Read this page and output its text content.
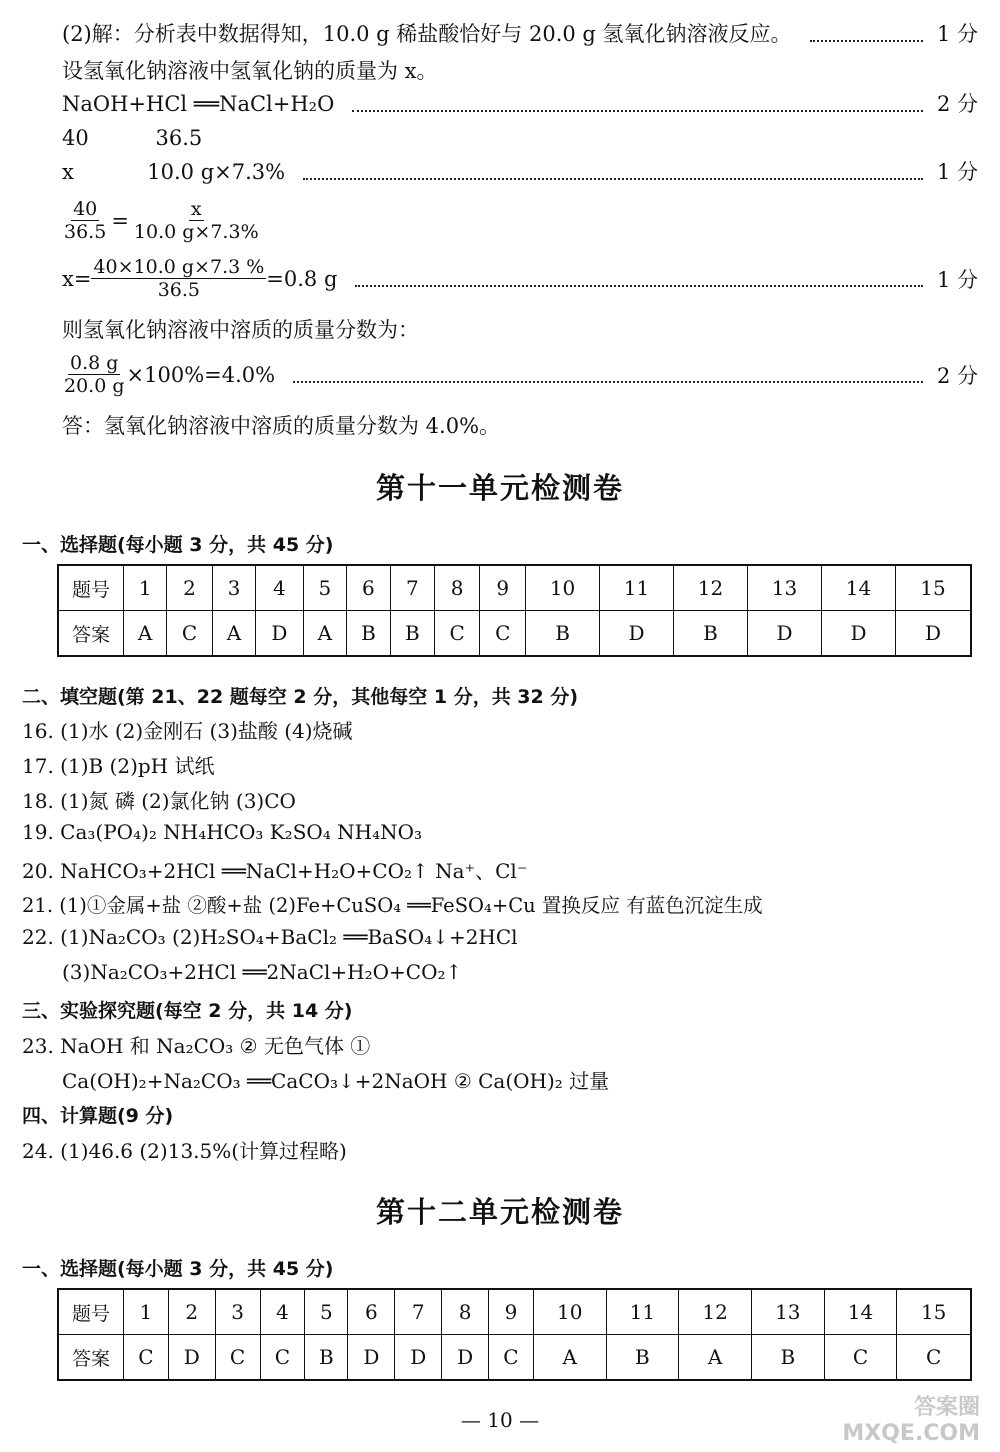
(2)解：分析表中数据得知，10.0 g 稀盐酸恰好与 20.0 g 氢氧化钠溶液反应。	1 分
设氢氧化钠溶液中氢氧化钠的质量为 x。
NaOH+HCl ══NaCl+H₂O	2 分
40          36.5
x           10.0 g×7.3%	1 分
$\frac{40}{36.5} = \frac{x}{10.0 g\times 7.3\%}$
$x= \frac{40\times 10.0 g\times 7.3 \%}{36.5} =0.8$ g	1 分
则氢氧化钠溶液中溶质的质量分数为：
$\frac{0.8 g}{20.0 g} \times 100\%=4.0\%$	2 分
答：氢氧化钠溶液中溶质的质量分数为 4.0%。
第十一单元检测卷
一、选择题(每小题 3 分，共 45 分)
题号	1	2	3	4	5	6	7	8	9	10	11	12	13	14	15
答案	A	C	A	D	A	B	B	C	C	B	D	B	D	D	D
二、填空题(第 21、22 题每空 2 分，其他每空 1 分，共 32 分)
16. (1)水 (2)金刚石 (3)盐酸 (4)烧碱
17. (1)B (2)pH 试纸
18. (1)氮 磷 (2)氯化钠 (3)CO
19. Ca₃(PO₄)₂ NH₄HCO₃ K₂SO₄ NH₄NO₃
20. NaHCO₃+2HCl ══NaCl+H₂O+CO₂↑ Na⁺、Cl⁻
21. (1)①金属+盐 ②酸+盐 (2)Fe+CuSO₄ ══FeSO₄+Cu 置换反应 有蓝色沉淀生成
22. (1)Na₂CO₃ (2)H₂SO₄+BaCl₂ ══BaSO₄↓+2HCl
(3)Na₂CO₃+2HCl ══2NaCl+H₂O+CO₂↑
三、实验探究题(每空 2 分，共 14 分)
23. NaOH 和 Na₂CO₃ ② 无色气体 ①
Ca(OH)₂+Na₂CO₃ ══CaCO₃↓+2NaOH ② Ca(OH)₂ 过量
四、计算题(9 分)
24. (1)46.6 (2)13.5%(计算过程略)
第十二单元检测卷
一、选择题(每小题 3 分，共 45 分)
题号	1	2	3	4	5	6	7	8	9	10	11	12	13	14	15
答案	C	D	C	C	B	D	D	D	C	A	B	A	B	C	C
— 10 —	答案圈
MXQE.COM
